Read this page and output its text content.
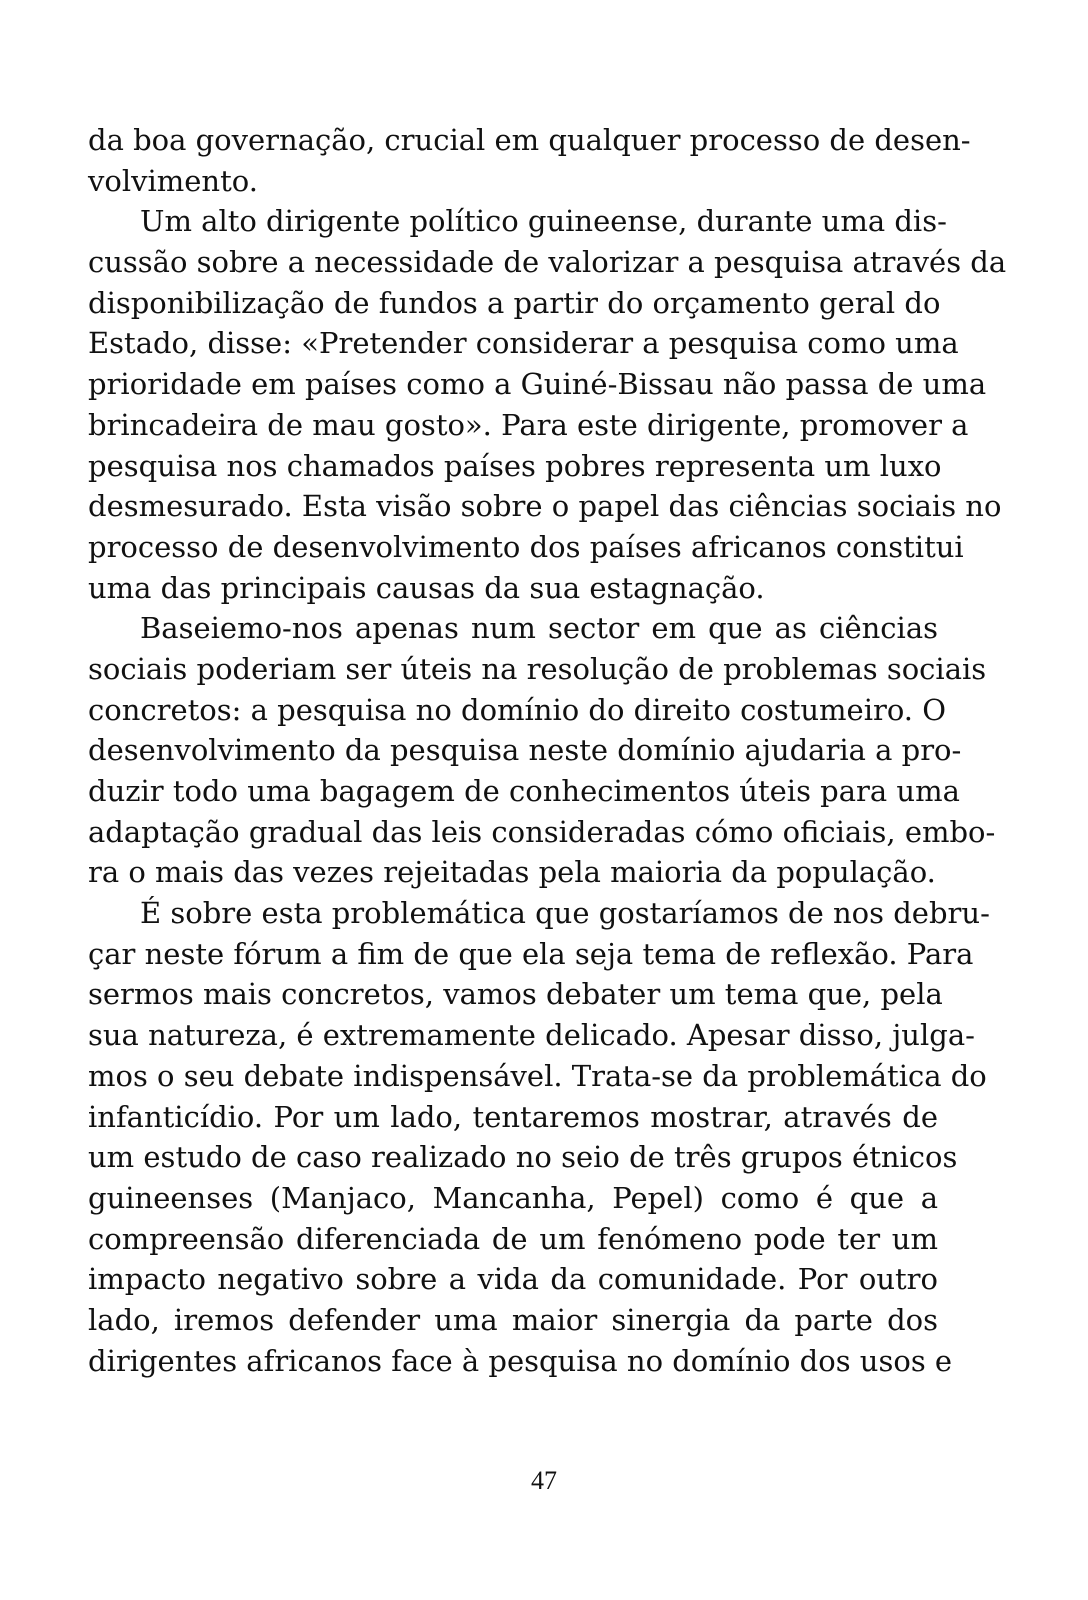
da boa governação, crucial em qualquer processo de desen-
volvimento.
Um alto dirigente político guineense, durante uma dis-
cussão sobre a necessidade de valorizar a pesquisa através da
disponibilização de fundos a partir do orçamento geral do
Estado, disse: «Pretender considerar a pesquisa como uma
prioridade em países como a Guiné-Bissau não passa de uma
brincadeira de mau gosto». Para este dirigente, promover a
pesquisa nos chamados países pobres representa um luxo
desmesurado. Esta visão sobre o papel das ciências sociais no
processo de desenvolvimento dos países africanos constitui
uma das principais causas da sua estagnação.
Baseiemo-nos apenas num sector em que as ciências
sociais poderiam ser úteis na resolução de problemas sociais
concretos: a pesquisa no domínio do direito costumeiro. O
desenvolvimento da pesquisa neste domínio ajudaria a pro-
duzir todo uma bagagem de conhecimentos úteis para uma
adaptação gradual das leis consideradas cómo oficiais, embo-
ra o mais das vezes rejeitadas pela maioria da população.
É sobre esta problemática que gostaríamos de nos debru-
çar neste fórum a fim de que ela seja tema de reflexão. Para
sermos mais concretos, vamos debater um tema que, pela
sua natureza, é extremamente delicado. Apesar disso, julga-
mos o seu debate indispensável. Trata-se da problemática do
infanticídio. Por um lado, tentaremos mostrar, através de
um estudo de caso realizado no seio de três grupos étnicos
guineenses (Manjaco, Mancanha, Pepel) como é que a
compreensão diferenciada de um fenómeno pode ter um
impacto negativo sobre a vida da comunidade. Por outro
lado, iremos defender uma maior sinergia da parte dos
dirigentes africanos face à pesquisa no domínio dos usos e
47
